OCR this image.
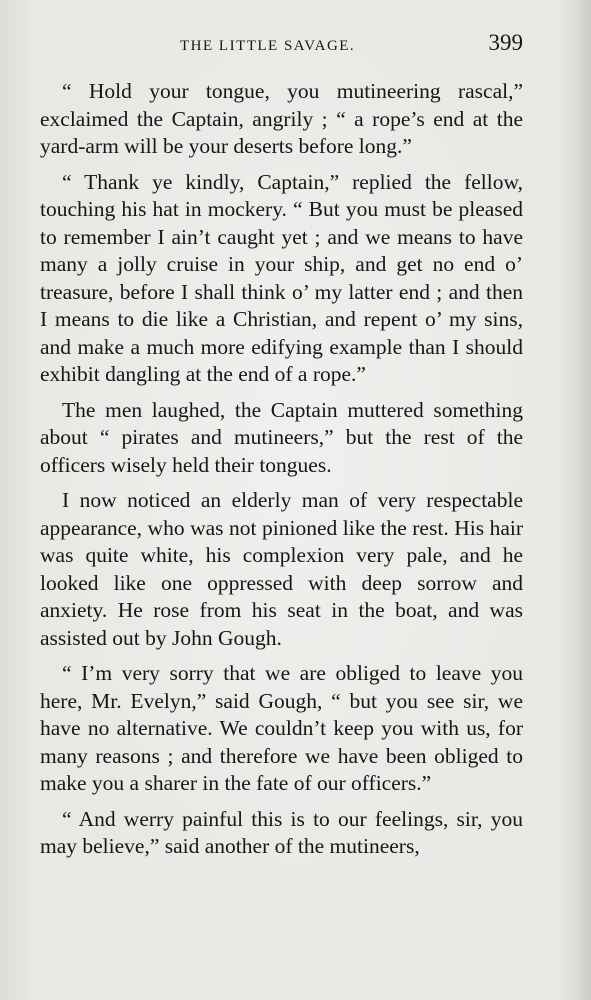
THE LITTLE SAVAGE.	399

“ Hold your tongue, you mutineering rascal,” exclaimed the Captain, angrily ; “ a rope’s end at the yard-arm will be your deserts before long.”

“ Thank ye kindly, Captain,” replied the fellow, touching his hat in mockery. “ But you must be pleased to remember I ain’t caught yet ; and we means to have many a jolly cruise in your ship, and get no end o’ treasure, before I shall think o’ my latter end ; and then I means to die like a Christian, and repent o’ my sins, and make a much more edifying example than I should exhibit dangling at the end of a rope.”

The men laughed, the Captain muttered something about “ pirates and mutineers,” but the rest of the officers wisely held their tongues.

I now noticed an elderly man of very respectable appearance, who was not pinioned like the rest. His hair was quite white, his complexion very pale, and he looked like one oppressed with deep sorrow and anxiety. He rose from his seat in the boat, and was assisted out by John Gough.

“ I’m very sorry that we are obliged to leave you here, Mr. Evelyn,” said Gough, “ but you see sir, we have no alternative. We couldn’t keep you with us, for many reasons ; and therefore we have been obliged to make you a sharer in the fate of our officers.”

“ And werry painful this is to our feelings, sir, you may believe,” said another of the mutineers,
